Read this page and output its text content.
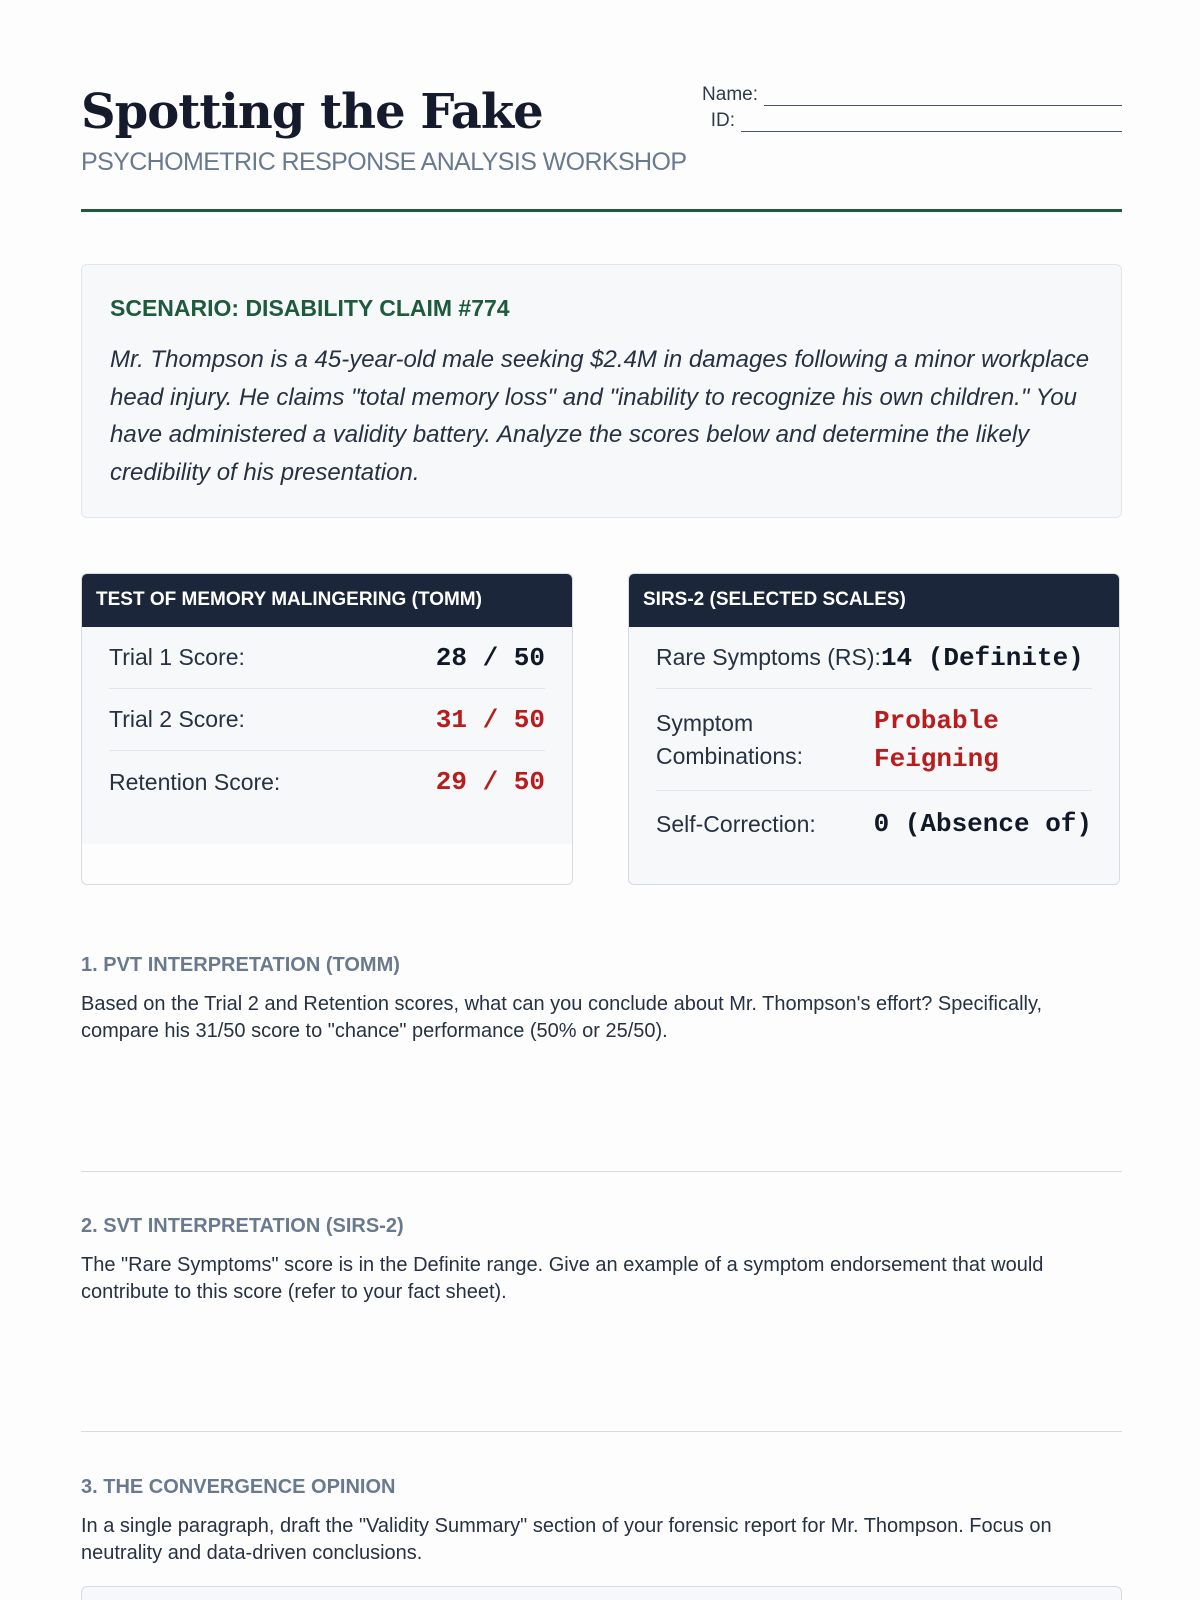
Spotting the Fake
PSYCHOMETRIC RESPONSE ANALYSIS WORKSHOP
Name:
ID:
SCENARIO: DISABILITY CLAIM #774

Mr. Thompson is a 45-year-old male seeking $2.4M in damages following a minor workplace head injury. He claims "total memory loss" and "inability to recognize his own children." You have administered a validity battery. Analyze the scores below and determine the likely credibility of his presentation.

TEST OF MEMORY MALINGERING (TOMM)
Trial 1 Score:	28 / 50
Trial 2 Score:	31 / 50
Retention Score:	29 / 50
SIRS-2 (SELECTED SCALES)
Rare Symptoms (RS): 14 (Definite)
Symptom Combinations:
Probable Feigning
Self-Correction: 0 (Absence of)
1. PVT INTERPRETATION (TOMM)

Based on the Trial 2 and Retention scores, what can you conclude about Mr. Thompson's effort? Specifically, compare his 31/50 score to "chance" performance (50% or 25/50).

2. SVT INTERPRETATION (SIRS-2)

The "Rare Symptoms" score is in the Definite range. Give an example of a symptom endorsement that would contribute to this score (refer to your fact sheet).

3. THE CONVERGENCE OPINION

In a single paragraph, draft the "Validity Summary" section of your forensic report for Mr. Thompson. Focus on neutrality and data-driven conclusions.
